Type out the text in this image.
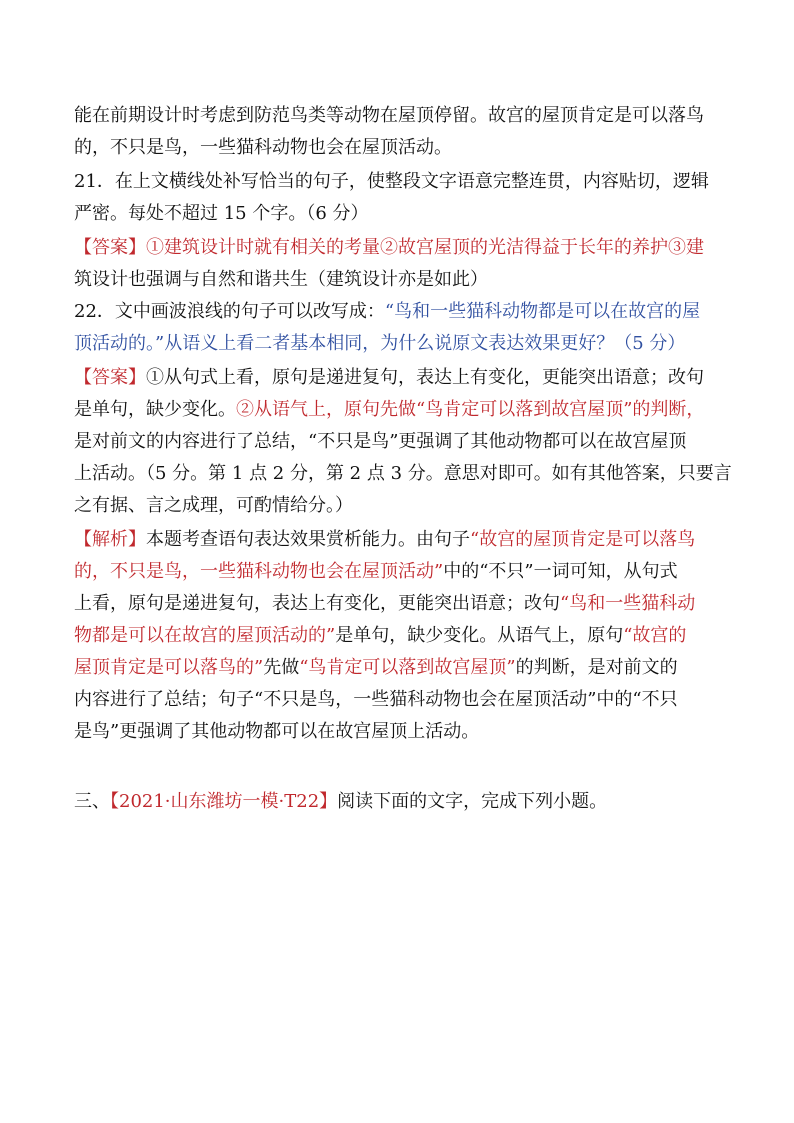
能在前期设计时考虑到防范鸟类等动物在屋顶停留。故宫的屋顶肯定是可以落鸟
的，不只是鸟，一些猫科动物也会在屋顶活动。
21．在上文横线处补写恰当的句子，使整段文字语意完整连贯，内容贴切，逻辑
严密。每处不超过 15 个字。（6 分）
【答案】①建筑设计时就有相关的考量②故宫屋顶的光洁得益于长年的养护③建
筑设计也强调与自然和谐共生（建筑设计亦是如此）
22．文中画波浪线的句子可以改写成：“鸟和一些猫科动物都是可以在故宫的屋
顶活动的。”从语义上看二者基本相同，为什么说原文表达效果更好？（5 分）
【答案】①从句式上看，原句是递进复句，表达上有变化，更能突出语意；改句
是单句，缺少变化。②从语气上，原句先做“鸟肯定可以落到故宫屋顶”的判断，
是对前文的内容进行了总结，“不只是鸟”更强调了其他动物都可以在故宫屋顶
上活动。（5 分。第 1 点 2 分，第 2 点 3 分。意思对即可。如有其他答案，只要言
之有据、言之成理，可酌情给分。）
【解析】本题考查语句表达效果赏析能力。由句子“故宫的屋顶肯定是可以落鸟
的，不只是鸟，一些猫科动物也会在屋顶活动”中的“不只”一词可知，从句式
上看，原句是递进复句，表达上有变化，更能突出语意；改句“鸟和一些猫科动
物都是可以在故宫的屋顶活动的”是单句，缺少变化。从语气上，原句“故宫的
屋顶肯定是可以落鸟的”先做“鸟肯定可以落到故宫屋顶”的判断，是对前文的
内容进行了总结；句子“不只是鸟，一些猫科动物也会在屋顶活动”中的“不只
是鸟”更强调了其他动物都可以在故宫屋顶上活动。
三、【2021·山东潍坊一模·T22】阅读下面的文字，完成下列小题。
